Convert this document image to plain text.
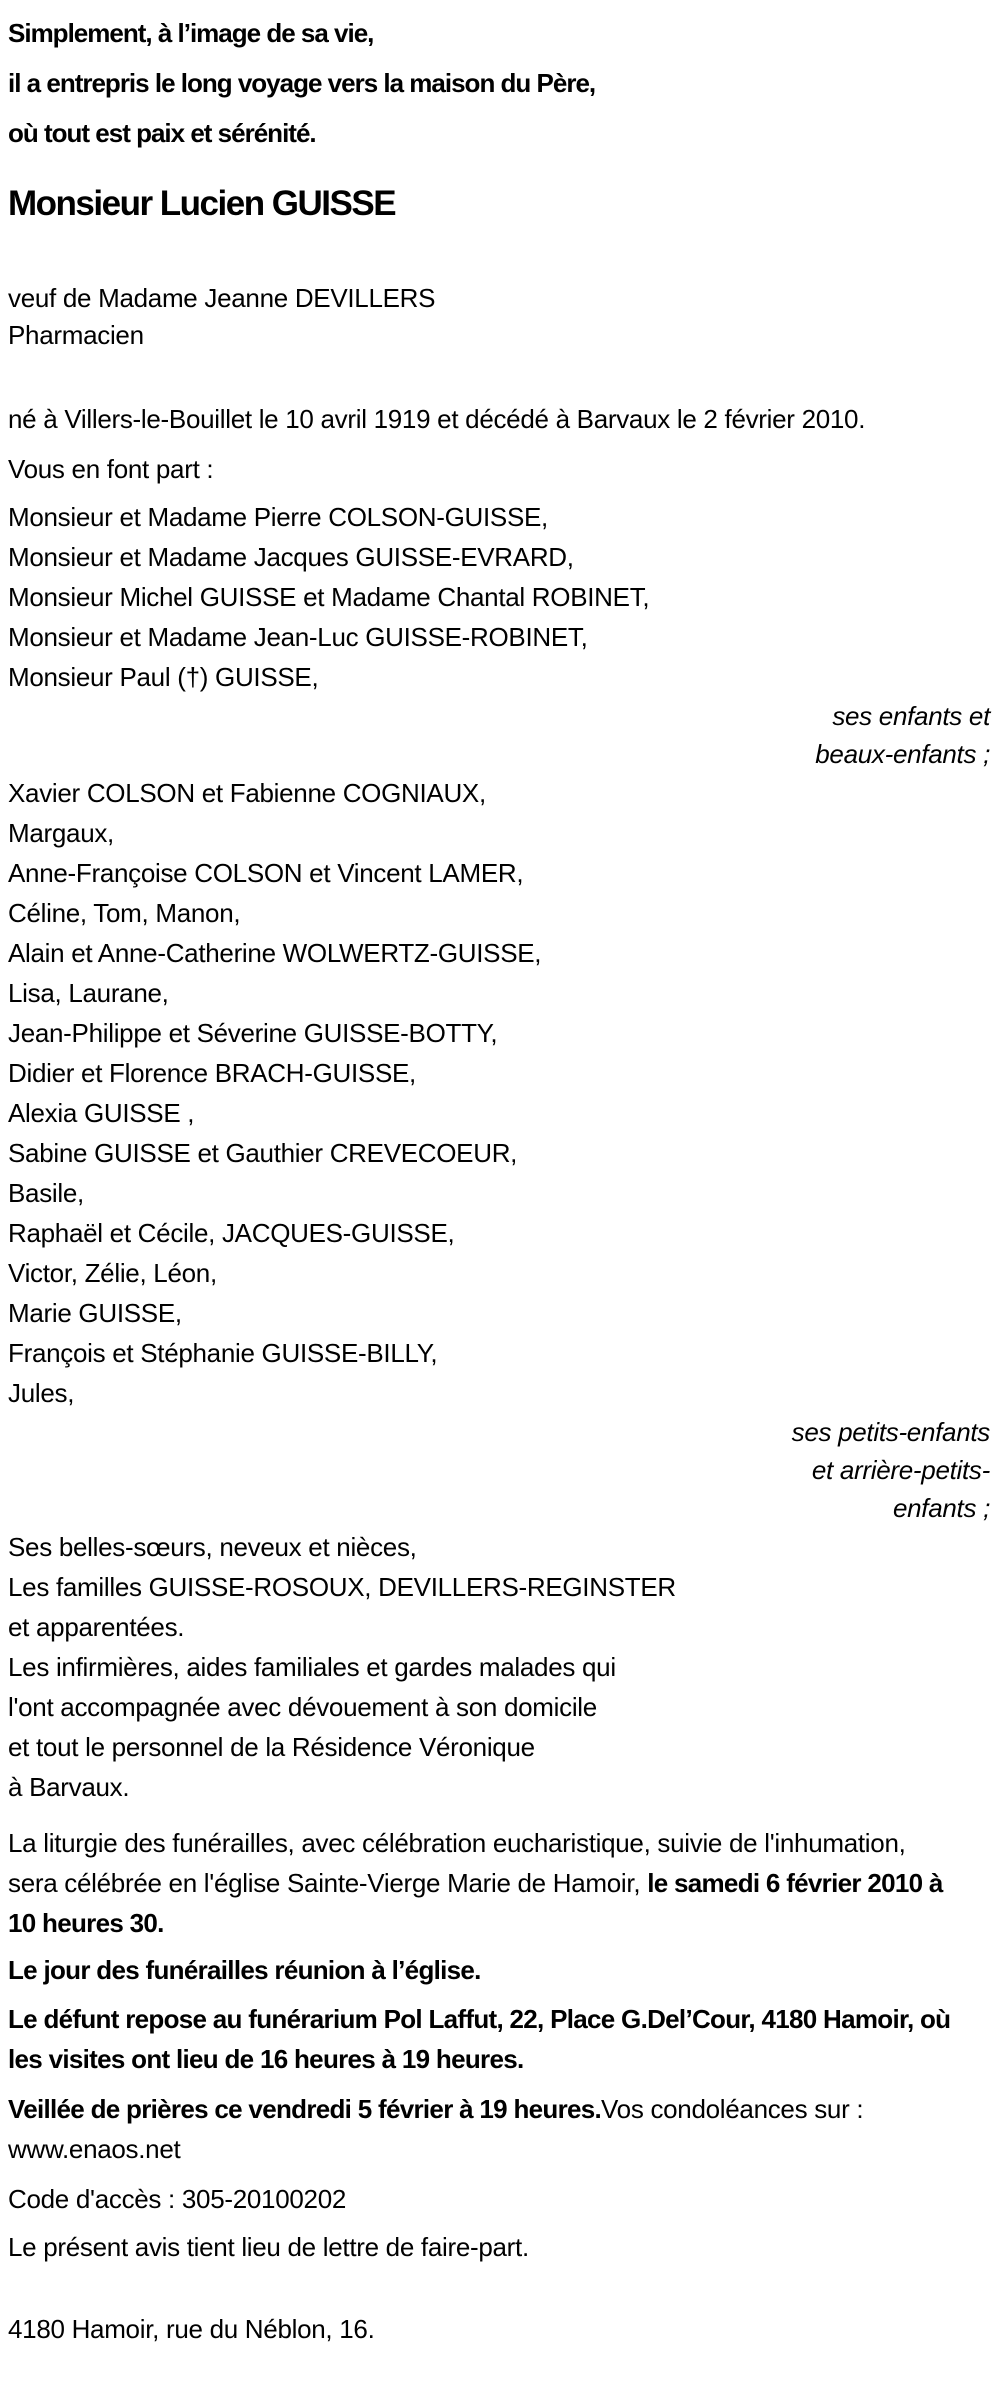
Simplement, à l’image de sa vie,

il a entrepris le long voyage vers la maison du Père,

où tout est paix et sérénité.

Monsieur Lucien GUISSE
veuf de Madame Jeanne DEVILLERS
Pharmacien

né à Villers-le-Bouillet le 10 avril 1919 et décédé à Barvaux le 2 février 2010.

Vous en font part :

Monsieur et Madame Pierre COLSON-GUISSE,
Monsieur et Madame Jacques GUISSE-EVRARD,
Monsieur Michel GUISSE et Madame Chantal ROBINET,
Monsieur et Madame Jean-Luc GUISSE-ROBINET,
Monsieur Paul (†) GUISSE,
ses enfants et
beaux-enfants ;
Xavier COLSON et Fabienne COGNIAUX,
Margaux,
Anne-Françoise COLSON et Vincent LAMER,
Céline, Tom, Manon,
Alain et Anne-Catherine WOLWERTZ-GUISSE,
Lisa, Laurane,
Jean-Philippe et Séverine GUISSE-BOTTY,
Didier et Florence BRACH-GUISSE,
Alexia GUISSE ,
Sabine GUISSE et Gauthier CREVECOEUR,
Basile,
Raphaël et Cécile, JACQUES-GUISSE,
Victor, Zélie, Léon,
Marie GUISSE,
François et Stéphanie GUISSE-BILLY,
Jules,
ses petits-enfants
et arrière-petits-
enfants ;
Ses belles-sœurs, neveux et nièces,
Les familles GUISSE-ROSOUX, DEVILLERS-REGINSTER
et apparentées.
Les infirmières, aides familiales et gardes malades qui
l'ont accompagnée avec dévouement à son domicile
et tout le personnel de la Résidence Véronique
à Barvaux.

La liturgie des funérailles, avec célébration eucharistique, suivie de l'inhumation, sera célébrée en l'église Sainte-Vierge Marie de Hamoir, le samedi 6 février 2010 à 10 heures 30.

Le jour des funérailles réunion à l’église.

Le défunt repose au funérarium Pol Laffut, 22, Place G.Del’Cour, 4180 Hamoir, où les visites ont lieu de 16 heures à 19 heures.

Veillée de prières ce vendredi 5 février à 19 heures.Vos condoléances sur : www.enaos.net

Code d'accès : 305-20100202

Le présent avis tient lieu de lettre de faire-part.

4180 Hamoir, rue du Néblon, 16.
